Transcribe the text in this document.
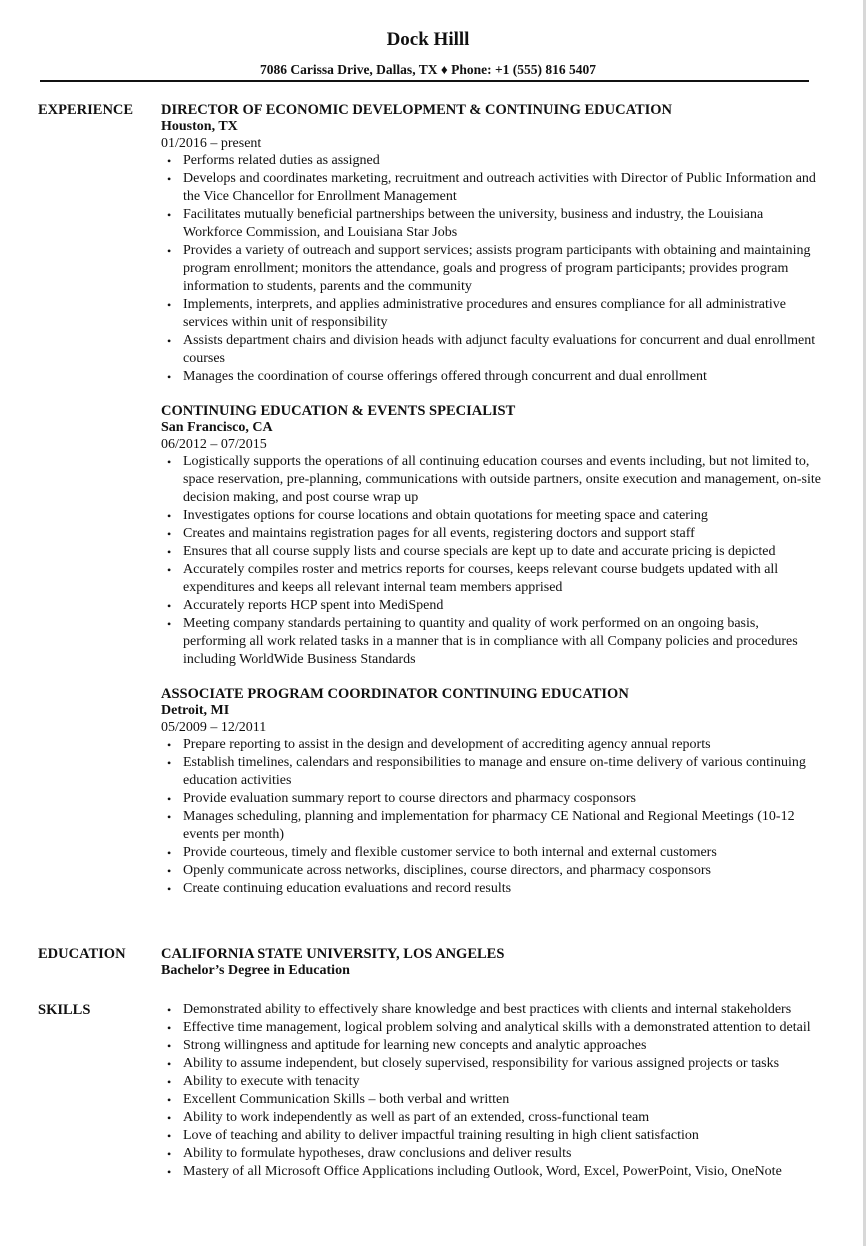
Dock Hilll
7086 Carissa Drive, Dallas, TX ♦ Phone: +1 (555) 816 5407
EXPERIENCE	DIRECTOR OF ECONOMIC DEVELOPMENT & CONTINUING EDUCATION
Houston, TX
01/2016 – present
• Performs related duties as assigned
• Develops and coordinates marketing, recruitment and outreach activities with Director of Public Information and the Vice Chancellor for Enrollment Management
• Facilitates mutually beneficial partnerships between the university, business and industry, the Louisiana Workforce Commission, and Louisiana Star Jobs
• Provides a variety of outreach and support services; assists program participants with obtaining and maintaining program enrollment; monitors the attendance, goals and progress of program participants; provides program information to students, parents and the community
• Implements, interprets, and applies administrative procedures and ensures compliance for all administrative services within unit of responsibility
• Assists department chairs and division heads with adjunct faculty evaluations for concurrent and dual enrollment courses
• Manages the coordination of course offerings offered through concurrent and dual enrollment
CONTINUING EDUCATION & EVENTS SPECIALIST
San Francisco, CA
06/2012 – 07/2015
• Logistically supports the operations of all continuing education courses and events including, but not limited to, space reservation, pre-planning, communications with outside partners, onsite execution and management, on-site decision making, and post course wrap up
• Investigates options for course locations and obtain quotations for meeting space and catering
• Creates and maintains registration pages for all events, registering doctors and support staff
• Ensures that all course supply lists and course specials are kept up to date and accurate pricing is depicted
• Accurately compiles roster and metrics reports for courses, keeps relevant course budgets updated with all expenditures and keeps all relevant internal team members apprised
• Accurately reports HCP spent into MediSpend
• Meeting company standards pertaining to quantity and quality of work performed on an ongoing basis, performing all work related tasks in a manner that is in compliance with all Company policies and procedures including WorldWide Business Standards
ASSOCIATE PROGRAM COORDINATOR CONTINUING EDUCATION
Detroit, MI
05/2009 – 12/2011
• Prepare reporting to assist in the design and development of accrediting agency annual reports
• Establish timelines, calendars and responsibilities to manage and ensure on-time delivery of various continuing education activities
• Provide evaluation summary report to course directors and pharmacy cosponsors
• Manages scheduling, planning and implementation for pharmacy CE National and Regional Meetings (10-12 events per month)
• Provide courteous, timely and flexible customer service to both internal and external customers
• Openly communicate across networks, disciplines, course directors, and pharmacy cosponsors
• Create continuing education evaluations and record results
EDUCATION	CALIFORNIA STATE UNIVERSITY, LOS ANGELES
Bachelor’s Degree in Education
SKILLS	• Demonstrated ability to effectively share knowledge and best practices with clients and internal stakeholders
• Effective time management, logical problem solving and analytical skills with a demonstrated attention to detail
• Strong willingness and aptitude for learning new concepts and analytic approaches
• Ability to assume independent, but closely supervised, responsibility for various assigned projects or tasks
• Ability to execute with tenacity
• Excellent Communication Skills – both verbal and written
• Ability to work independently as well as part of an extended, cross-functional team
• Love of teaching and ability to deliver impactful training resulting in high client satisfaction
• Ability to formulate hypotheses, draw conclusions and deliver results
• Mastery of all Microsoft Office Applications including Outlook, Word, Excel, PowerPoint, Visio, OneNote
